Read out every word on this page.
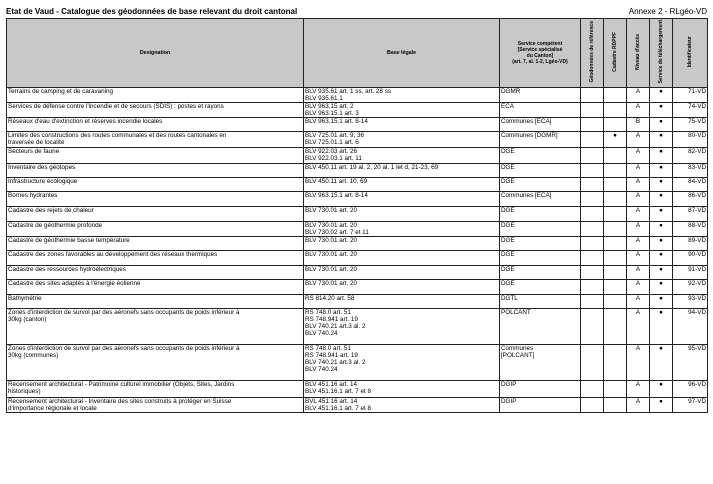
Etat de Vaud - Catalogue des géodonnées de base relevant du droit cantonal	Annexe 2 - RLgéo-VD
Designation	Base légale	Service compétent
[Service spécialisé
du Canton]
(art. 7, al. 1-2, Lgéo-VD)	Géodonnées de référence	Cadastre RDPPF	Niveau d'accès	Service de téléchargement	Identificateur

Terrains de camping et de caravaning	BLV 935.61 art. 1 ss, art. 28 ss
BLV 935.61.1	DGMR			A	●	71-VD

Services de défense contre l'incendie et de secours (SDIS) : postes et rayons	BLV 963.15 art. 2
BLV 963.15.1 art. 3	ECA			A	●	74-VD

Réseaux d'eau d'extinction et réserves incendie locales	BLV 963.15.1 art. 8-14	Communes [ECA]			B	●	75-VD

Limites des constructions des routes communales et des routes cantonales en
traversée de localité	BLV 725.01 art. 9, 36
BLV 725.01.1 art. 6	Communes [DGMR]		●	A	●	80-VD

Secteurs de faune	BLV 922.03 art. 26
BLV 922.03.1 art. 11	DGE			A	●	82-VD

Inventaire des géotopes	BLV 450.11 art. 19 al. 2, 20 al. 1 let d, 21-23, 69	DGE			A	●	83-VD

Infrastructure écologique	BLV 450.11 art. 10, 69	DGE			A	●	84-VD

Bornes hydrantes	BLV 963.15.1 art. 8-14	Communes [ECA]			A	●	86-VD

Cadastre des rejets de chaleur	BLV 730.01 art. 20	DGE			A	●	87-VD

Cadastre de géothermie profonde	BLV 730.01 art. 20
BLV 730.02 art. 7 et 11	DGE			A	●	88-VD

Cadastre de géothermie basse température	BLV 730.01 art. 20	DGE			A	●	89-VD

Cadastre des zones favorables au développement des réseaux thermiques	BLV 730.01 art. 20	DGE			A	●	90-VD

Cadastre des ressources hydroélectriques	BLV 730.01 art. 20	DGE			A	●	91-VD

Cadastre des sites adaptés à l'énergie éolienne	BLV 730.01 art. 20	DGE			A	●	92-VD

Bathymétrie	RS 814.20 art. 58	DGTL			A	●	93-VD

Zones d'interdiction de survol par des aéronefs sans occupants de poids inférieur à
30kg (canton)	RS 748.0 art. 51
RS 748.941 art. 19
BLV 740.21 art.3 al. 2
BLV 740.24	POLCANT			A	●	94-VD

Zones d'interdiction de survol par des aéronefs sans occupants de poids inférieur à
30kg (communes)	RS 748.0 art. 51
RS 748.941 art. 19
BLV 740.21 art.3 al. 2
BLV 740.24	Communes
[POLCANT]			A	●	95-VD

Recensement architectural - Patrimoine culturel immobilier (Objets, Sites, Jardins
historiques)	BLV 451.16 art. 14
BLV 451.16.1 art. 7 et 8	DGIP			A	●	96-VD

Recensement architectural - Inventaire des sites construits à protéger en Suisse
d'importance régionale et locale	BVL 451.16 art. 14
BLV 451.16.1 art. 7 et 8	DGIP			A	●	97-VD
